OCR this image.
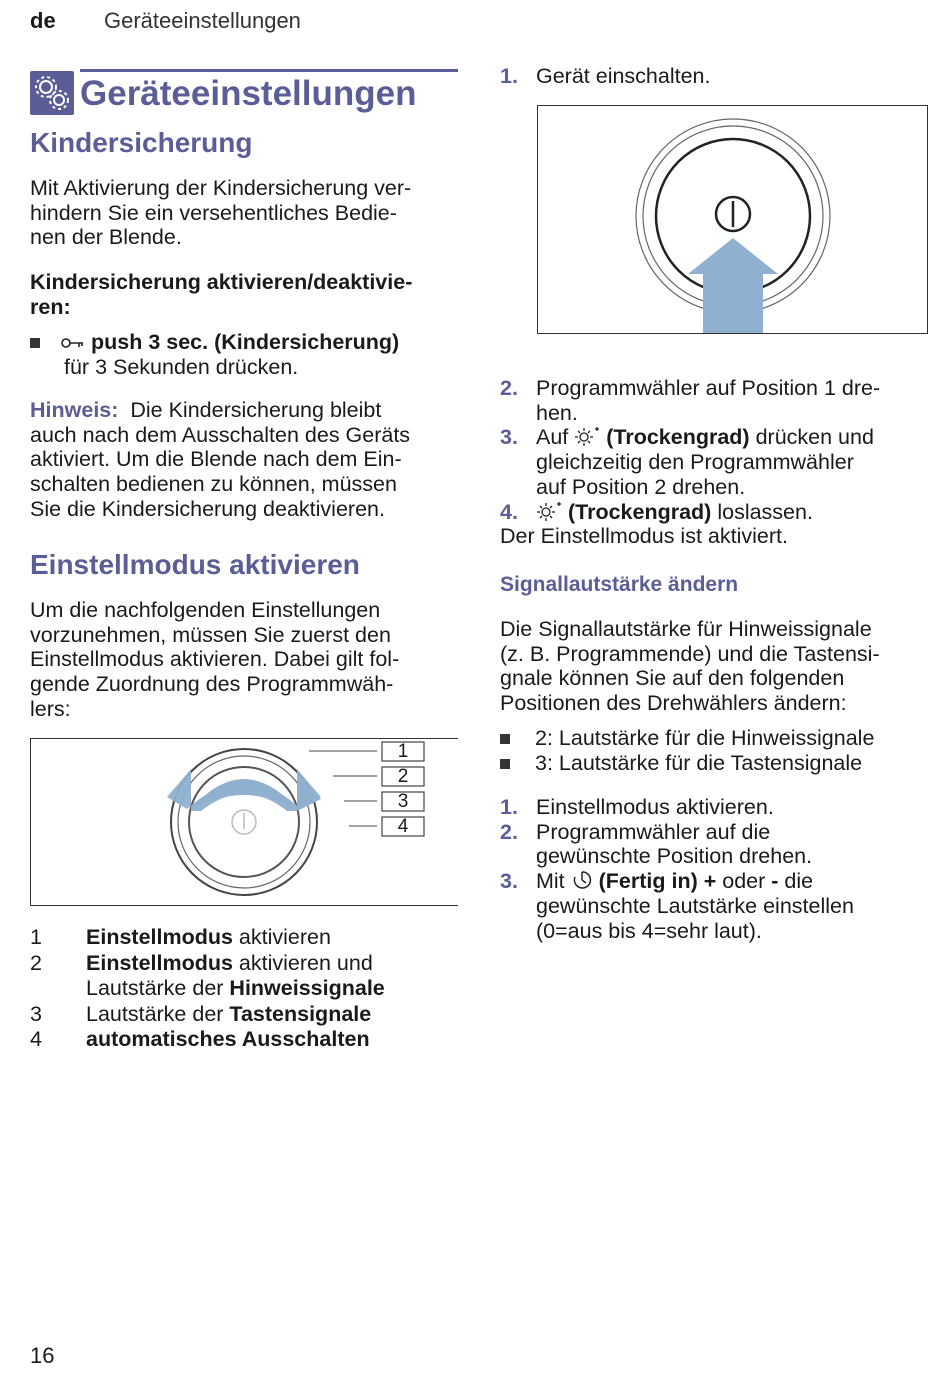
de Geräteeinstellungen
Geräteeinstellungen
Kindersicherung
Mit Aktivierung der Kindersicherung ver-
hindern Sie ein versehentliches Bedie-
nen der Blende.
Kindersicherung aktivieren/deaktivie-
ren:
push 3 sec. (Kindersicherung)
für 3 Sekunden drücken.
Hinweis: Die Kindersicherung bleibt
auch nach dem Ausschalten des Geräts
aktiviert. Um die Blende nach dem Ein-
schalten bedienen zu können, müssen
Sie die Kindersicherung deaktivieren.
Einstellmodus aktivieren
Um die nachfolgenden Einstellungen
vorzunehmen, müssen Sie zuerst den
Einstellmodus aktivieren. Dabei gilt fol-
gende Zuordnung des Programmwäh-
lers:
1
2
3
4
1 Einstellmodus aktivieren
2 Einstellmodus aktivieren und
Lautstärke der Hinweissignale
3 Lautstärke der Tastensignale
4 automatisches Ausschalten
1. Gerät einschalten.
2. Programmwähler auf Position 1 dre-
hen.
3. Auf  (Trockengrad) drücken und
gleichzeitig den Programmwähler
auf Position 2 drehen.
4. (Trockengrad) loslassen.
Der Einstellmodus ist aktiviert.
Signallautstärke ändern
Die Signallautstärke für Hinweissignale
(z. B. Programmende) und die Tastensi-
gnale können Sie auf den folgenden
Positionen des Drehwählers ändern:
2: Lautstärke für die Hinweissignale
3: Lautstärke für die Tastensignale
1. Einstellmodus aktivieren.
2. Programmwähler auf die
gewünschte Position drehen.
3. Mit  (Fertig in) + oder - die
gewünschte Lautstärke einstellen
(0=aus bis 4=sehr laut).
16
